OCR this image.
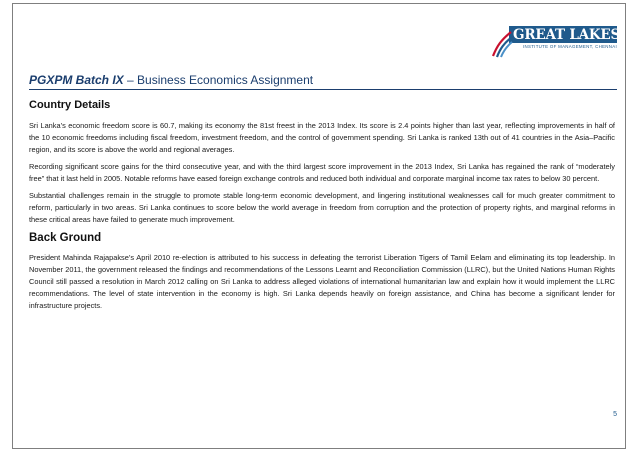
GREAT LAKES
INSTITUTE OF MANAGEMENT, CHENNAI
PGXPM Batch IX – Business Economics Assignment
Country Details

Sri Lanka’s economic freedom score is 60.7, making its economy the 81st freest in the 2013 Index. Its score is 2.4 points higher than last year, reflecting improvements in half of the 10 economic freedoms including fiscal freedom, investment freedom, and the control of government spending. Sri Lanka is ranked 13th out of 41 countries in the Asia–Pacific region, and its score is above the world and regional averages.

Recording significant score gains for the third consecutive year, and with the third largest score improvement in the 2013 Index, Sri Lanka has regained the rank of “moderately free” that it last held in 2005. Notable reforms have eased foreign exchange controls and reduced both individual and corporate marginal income tax rates to below 30 percent.

Substantial challenges remain in the struggle to promote stable long-term economic development, and lingering institutional weaknesses call for much greater commitment to reform, particularly in two areas. Sri Lanka continues to score below the world average in freedom from corruption and the protection of property rights, and marginal reforms in these critical areas have failed to generate much improvement.

Back Ground

President Mahinda Rajapakse’s April 2010 re-election is attributed to his success in defeating the terrorist Liberation Tigers of Tamil Eelam and eliminating its top leadership. In November 2011, the government released the findings and recommendations of the Lessons Learnt and Reconciliation Commission (LLRC), but the United Nations Human Rights Council still passed a resolution in March 2012 calling on Sri Lanka to address alleged violations of international humanitarian law and explain how it would implement the LLRC recommendations. The level of state intervention in the economy is high. Sri Lanka depends heavily on foreign assistance, and China has become a significant lender for infrastructure projects.

5
